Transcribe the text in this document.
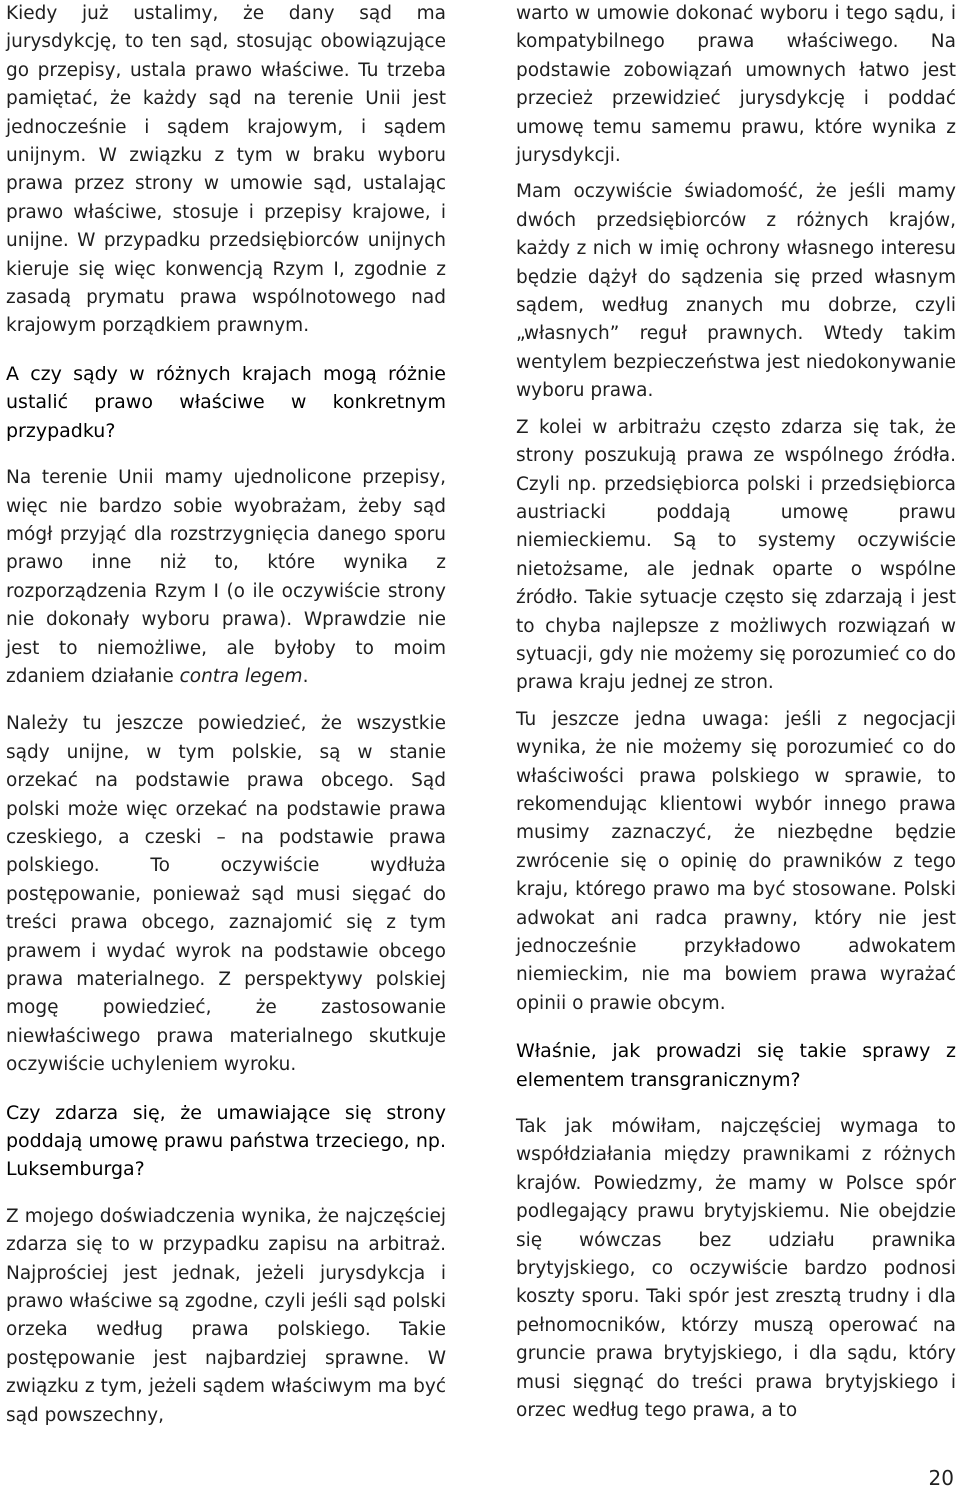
Kiedy już ustalimy, że dany sąd ma jurysdykcję, to ten sąd, stosując obowiązujące go przepisy, ustala prawo właściwe. Tu trzeba pamiętać, że każdy sąd na terenie Unii jest jednocześnie i sądem krajowym, i sądem unijnym. W związku z tym w braku wyboru prawa przez strony w umowie sąd, ustalając prawo właściwe, stosuje i przepisy krajowe, i unijne. W przypadku przedsiębiorców unijnych kieruje się więc konwencją Rzym I, zgodnie z zasadą prymatu prawa wspólnotowego nad krajowym porządkiem prawnym.

A czy sądy w różnych krajach mogą różnie ustalić prawo właściwe w konkretnym przypadku?

Na terenie Unii mamy ujednolicone przepisy, więc nie bardzo sobie wyobrażam, żeby sąd mógł przyjąć dla rozstrzygnięcia danego sporu prawo inne niż to, które wynika z rozporządzenia Rzym I (o ile oczywiście strony nie dokonały wyboru prawa). Wprawdzie nie jest to niemożliwe, ale byłoby to moim zdaniem działanie contra legem.

Należy tu jeszcze powiedzieć, że wszystkie sądy unijne, w tym polskie, są w stanie orzekać na podstawie prawa obcego. Sąd polski może więc orzekać na podstawie prawa czeskiego, a czeski – na podstawie prawa polskiego. To oczywiście wydłuża postępowanie, ponieważ sąd musi sięgać do treści prawa obcego, zaznajomić się z tym prawem i wydać wyrok na podstawie obcego prawa materialnego. Z perspektywy polskiej mogę powiedzieć, że zastosowanie niewłaściwego prawa materialnego skutkuje oczywiście uchyleniem wyroku.

Czy zdarza się, że umawiające się strony poddają umowę prawu państwa trzeciego, np. Luksemburga?

Z mojego doświadczenia wynika, że najczęściej zdarza się to w przypadku zapisu na arbitraż. Najprościej jest jednak, jeżeli jurysdykcja i prawo właściwe są zgodne, czyli jeśli sąd polski orzeka według prawa polskiego. Takie postępowanie jest najbardziej sprawne. W związku z tym, jeżeli sądem właściwym ma być sąd powszechny,

warto w umowie dokonać wyboru i tego sądu, i kompatybilnego prawa właściwego. Na podstawie zobowiązań umownych łatwo jest przecież przewidzieć jurysdykcję i poddać umowę temu samemu prawu, które wynika z jurysdykcji.

Mam oczywiście świadomość, że jeśli mamy dwóch przedsiębiorców z różnych krajów, każdy z nich w imię ochrony własnego interesu będzie dążył do sądzenia się przed własnym sądem, według znanych mu dobrze, czyli „własnych” reguł prawnych. Wtedy takim wentylem bezpieczeństwa jest niedokonywanie wyboru prawa.

Z kolei w arbitrażu często zdarza się tak, że strony poszukują prawa ze wspólnego źródła. Czyli np. przedsiębiorca polski i przedsiębiorca austriacki poddają umowę prawu niemieckiemu. Są to systemy oczywiście nietożsame, ale jednak oparte o wspólne źródło. Takie sytuacje często się zdarzają i jest to chyba najlepsze z możliwych rozwiązań w sytuacji, gdy nie możemy się porozumieć co do prawa kraju jednej ze stron.

Tu jeszcze jedna uwaga: jeśli z negocjacji wynika, że nie możemy się porozumieć co do właściwości prawa polskiego w sprawie, to rekomendując klientowi wybór innego prawa musimy zaznaczyć, że niezbędne będzie zwrócenie się o opinię do prawników z tego kraju, którego prawo ma być stosowane. Polski adwokat ani radca prawny, który nie jest jednocześnie przykładowo adwokatem niemieckim, nie ma bowiem prawa wyrażać opinii o prawie obcym.

Właśnie, jak prowadzi się takie sprawy z elementem transgranicznym?

Tak jak mówiłam, najczęściej wymaga to współdziałania między prawnikami z różnych krajów. Powiedzmy, że mamy w Polsce spór podlegający prawu brytyjskiemu. Nie obejdzie się wówczas bez udziału prawnika brytyjskiego, co oczywiście bardzo podnosi koszty sporu. Taki spór jest zresztą trudny i dla pełnomocników, którzy muszą operować na gruncie prawa brytyjskiego, i dla sądu, który musi sięgnąć do treści prawa brytyjskiego i orzec według tego prawa, a to

20
